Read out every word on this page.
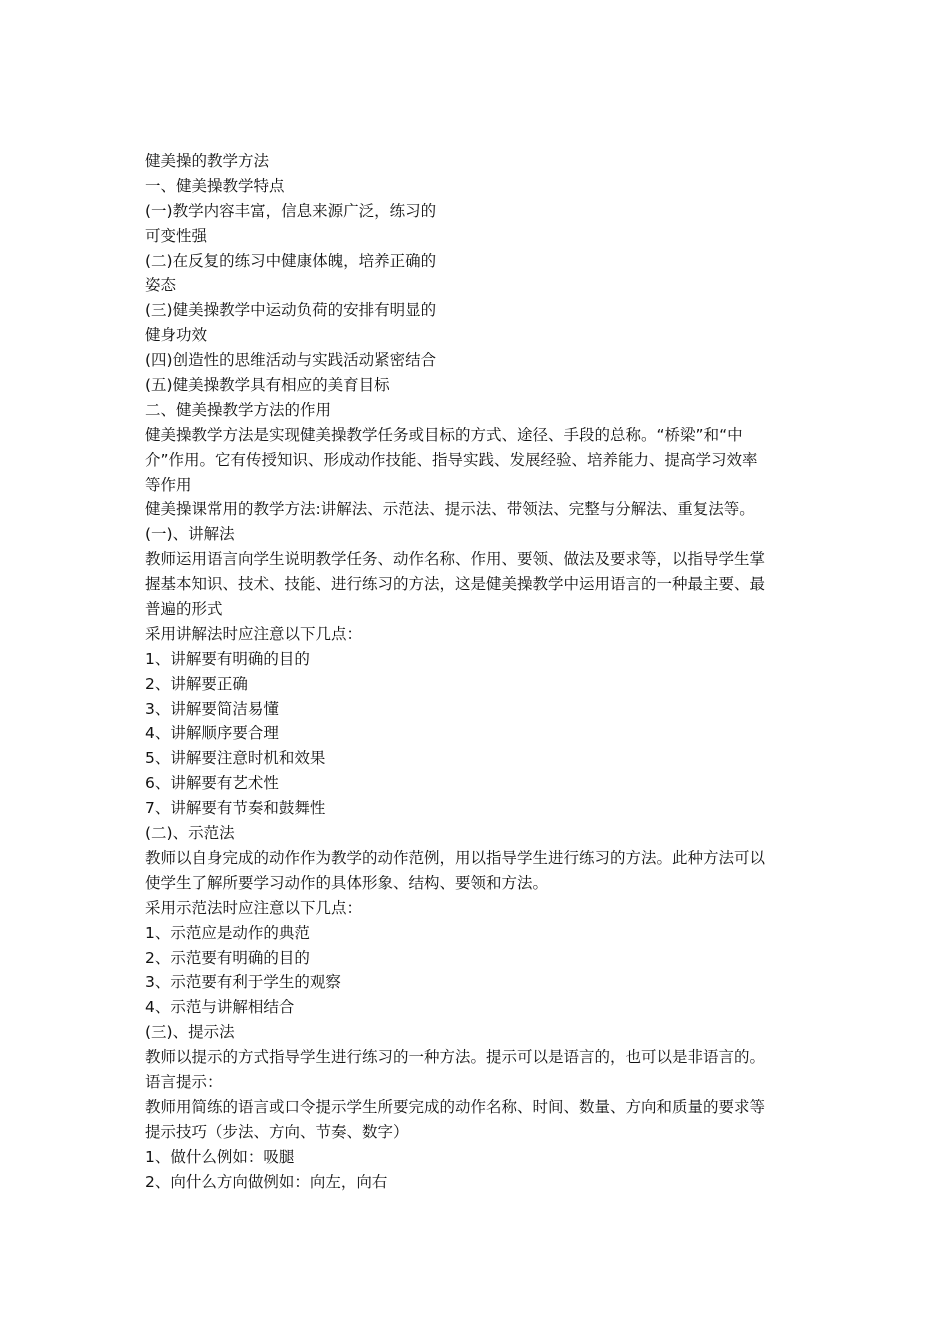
健美操的教学方法
一、健美操教学特点
(一)教学内容丰富，信息来源广泛，练习的
可变性强
(二)在反复的练习中健康体魄，培养正确的
姿态
(三)健美操教学中运动负荷的安排有明显的
健身功效
(四)创造性的思维活动与实践活动紧密结合
(五)健美操教学具有相应的美育目标
二、健美操教学方法的作用
健美操教学方法是实现健美操教学任务或目标的方式、途径、手段的总称。“桥梁”和“中
介”作用。它有传授知识、形成动作技能、指导实践、发展经验、培养能力、提高学习效率
等作用
健美操课常用的教学方法:讲解法、示范法、提示法、带领法、完整与分解法、重复法等。
(一)、讲解法
教师运用语言向学生说明教学任务、动作名称、作用、要领、做法及要求等，以指导学生掌
握基本知识、技术、技能、进行练习的方法，这是健美操教学中运用语言的一种最主要、最
普遍的形式
采用讲解法时应注意以下几点：
1、讲解要有明确的目的
2、讲解要正确
3、讲解要简洁易懂
4、讲解顺序要合理
5、讲解要注意时机和效果
6、讲解要有艺术性
7、讲解要有节奏和鼓舞性
(二)、示范法
教师以自身完成的动作作为教学的动作范例，用以指导学生进行练习的方法。此种方法可以
使学生了解所要学习动作的具体形象、结构、要领和方法。
采用示范法时应注意以下几点：
1、示范应是动作的典范
2、示范要有明确的目的
3、示范要有利于学生的观察
4、示范与讲解相结合
(三)、提示法
教师以提示的方式指导学生进行练习的一种方法。提示可以是语言的，也可以是非语言的。
语言提示：
教师用简练的语言或口令提示学生所要完成的动作名称、时间、数量、方向和质量的要求等
提示技巧（步法、方向、节奏、数字）
1、做什么例如：吸腿
2、向什么方向做例如：向左，向右
